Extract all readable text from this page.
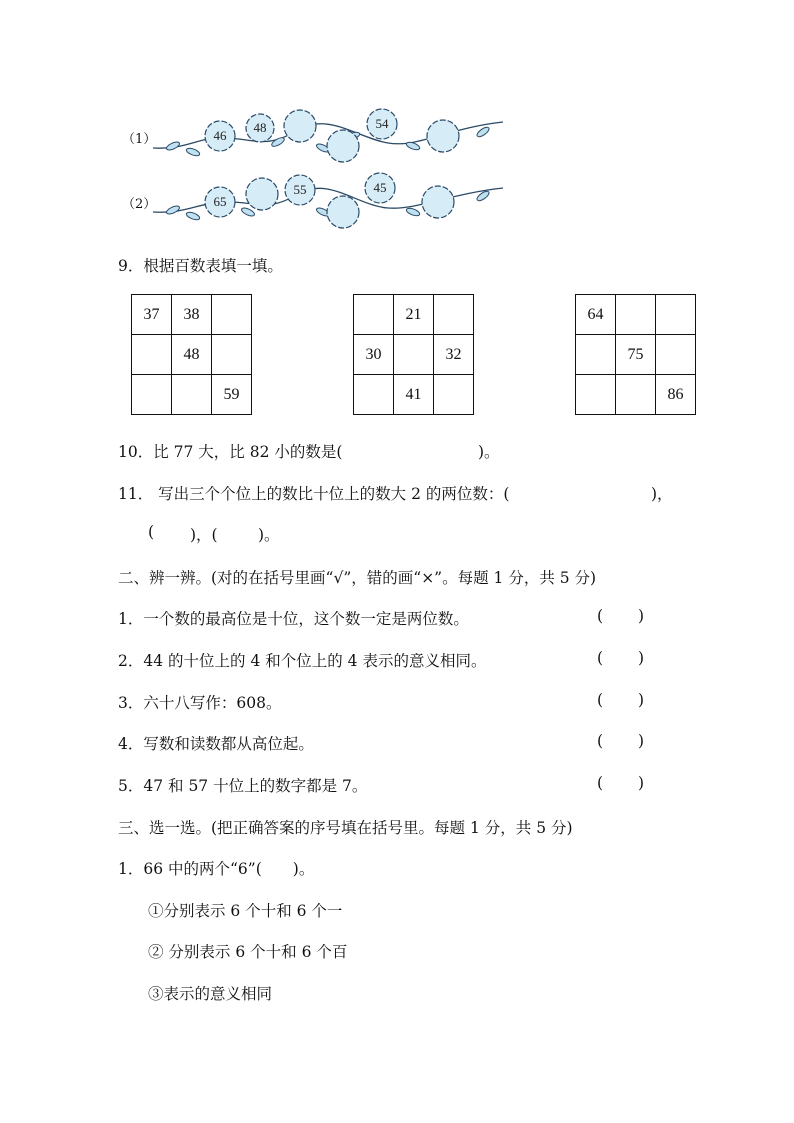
（1）	46
48	54
（2）	65
55	45
9．根据百数表填一填。
37	38	
	48	
		59
	21	
30		32
	41	
64		
	75	
		86
10．比 77 大，比 82 小的数是(	)。
11． 写出三个个位上的数比十位上的数大 2 的两位数：(	)，
( )，(	)。
二、辨一辨。(对的在括号里画“√”，错的画“×”。每题 1 分，共 5 分)
1．一个数的最高位是十位，这个数一定是两位数。	( )
2．44 的十位上的 4 和个位上的 4 表示的意义相同。	( )
3．六十八写作：608。	( )
4．写数和读数都从高位起。	( )
5．47 和 57 十位上的数字都是 7。	( )
三、选一选。(把正确答案的序号填在括号里。每题 1 分，共 5 分)
1．66 中的两个“6”(　　)。
①分别表示 6 个十和 6 个一
② 分别表示 6 个十和 6 个百
③表示的意义相同
